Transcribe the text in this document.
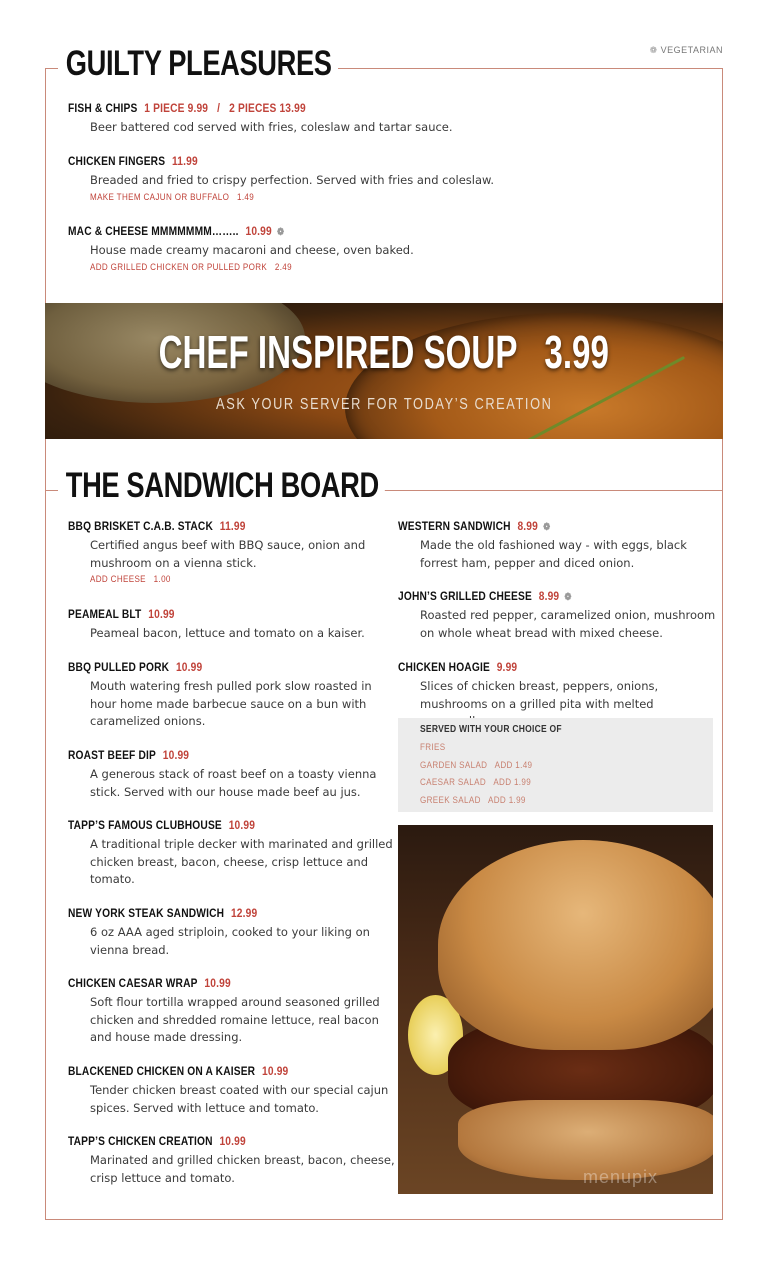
❁ VEGETARIAN
GUILTY PLEASURES
FISH & CHIPS 1 PIECE 9.99   /   2 PIECES 13.99
Beer battered cod served with fries, coleslaw and tartar sauce.
CHICKEN FINGERS 11.99
Breaded and fried to crispy perfection. Served with fries and coleslaw.
MAKE THEM CAJUN OR BUFFALO   1.49
MAC & CHEESE MMMMMMM…….. 10.99 ❁
House made creamy macaroni and cheese, oven baked.
ADD GRILLED CHICKEN OR PULLED PORK   2.49
CHEF INSPIRED SOUP   3.99
ASK YOUR SERVER FOR TODAY’S CREATION
THE SANDWICH BOARD
BBQ BRISKET C.A.B. STACK 11.99
Certified angus beef with BBQ sauce, onion and mushroom on a vienna stick.
ADD CHEESE   1.00
PEAMEAL BLT 10.99
Peameal bacon, lettuce and tomato on a kaiser.
BBQ PULLED PORK 10.99
Mouth watering fresh pulled pork slow roasted in hour home made barbecue sauce on a bun with caramelized onions.
ROAST BEEF DIP 10.99
A generous stack of roast beef on a toasty vienna stick. Served with our house made beef au jus.
TAPP’S FAMOUS CLUBHOUSE 10.99
A traditional triple decker with marinated and grilled chicken breast, bacon, cheese, crisp lettuce and tomato.
NEW YORK STEAK SANDWICH 12.99
6 oz AAA aged striploin, cooked to your liking on vienna bread.
CHICKEN CAESAR WRAP 10.99
Soft flour tortilla wrapped around seasoned grilled chicken and shredded romaine lettuce, real bacon and house made dressing.
BLACKENED CHICKEN ON A KAISER 10.99
Tender chicken breast coated with our special cajun spices. Served with lettuce and tomato.
TAPP’S CHICKEN CREATION 10.99
Marinated and grilled chicken breast, bacon, cheese, crisp lettuce and tomato.
WESTERN SANDWICH 8.99 ❁
Made the old fashioned way - with eggs, black forrest ham, pepper and diced onion.
JOHN’S GRILLED CHEESE 8.99 ❁
Roasted red pepper, caramelized onion, mushroom on whole wheat bread with mixed cheese.
CHICKEN HOAGIE 9.99
Slices of chicken breast, peppers, onions, mushrooms on a grilled pita with melted
SERVED WITH YOUR CHOICE OF
FRIES
GARDEN SALAD   ADD 1.49
CAESAR SALAD   ADD 1.99
GREEK SALAD   ADD 1.99
menupix
